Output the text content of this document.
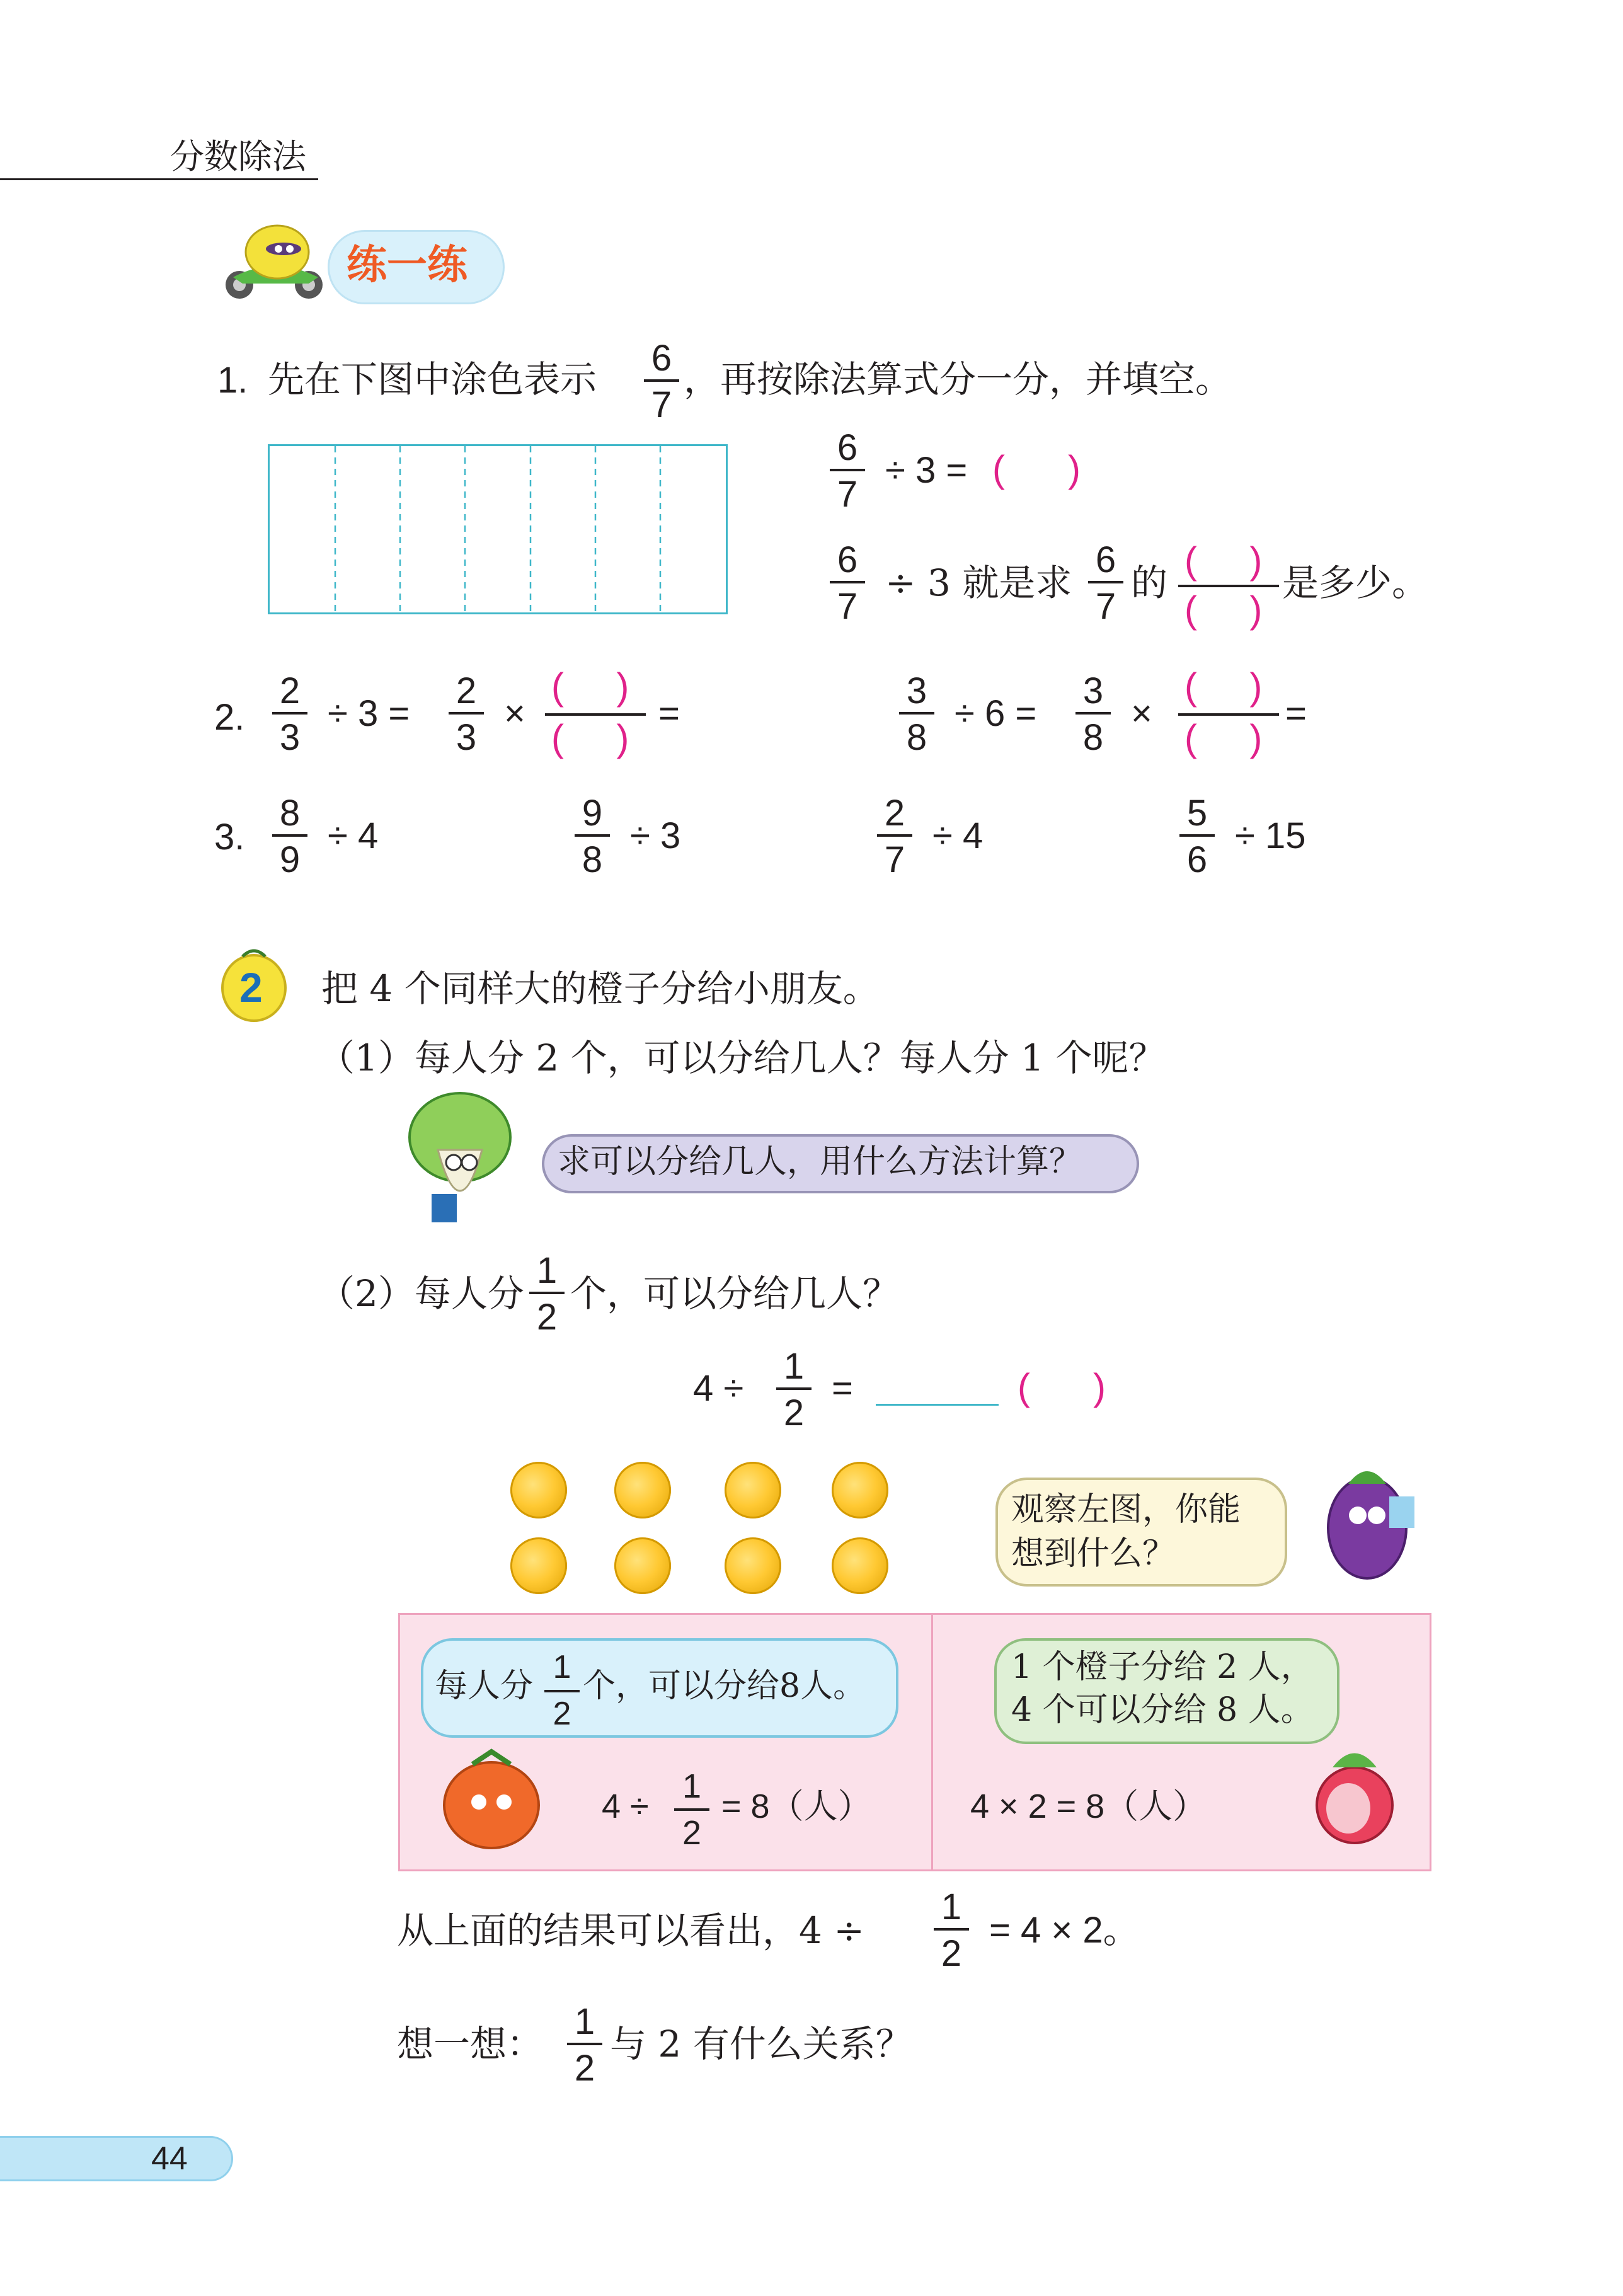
分数除法
练一练
1. 先在下图中涂色表示 6
7
，再按除法算式分一分，并填空。
6
7
÷ 3 = (      )
6
7
÷ 3 就是求
6
7
的
(     )
(     )
是多少。
2.
2
3
÷ 3 =
2
3
×
(     )
(     )
=
3
8
÷ 6 =
3
8
×
(     )
(     )
=
3.
8
9
÷ 4
9
8
÷ 3
2
7
÷ 4
5
6
÷ 15
2 把 4 个同样大的橙子分给小朋友。
（1）每人分 2 个，可以分给几人？每人分 1 个呢？
求可以分给几人，用什么方法计算？
（2）每人分
1
2
个，可以分给几人？
4 ÷
1
2
=	(      )
观察左图，你能
想到什么？
每人分 1
2
个，可以分给8人。
4 ÷
1
2
= 8（人）
1 个橙子分给 2 人，
4 个可以分给 8 人。
4 × 2 = 8（人）
从上面的结果可以看出，4 ÷
1
2
= 4 × 2。
想一想：
1
2
与 2 有什么关系？
44
